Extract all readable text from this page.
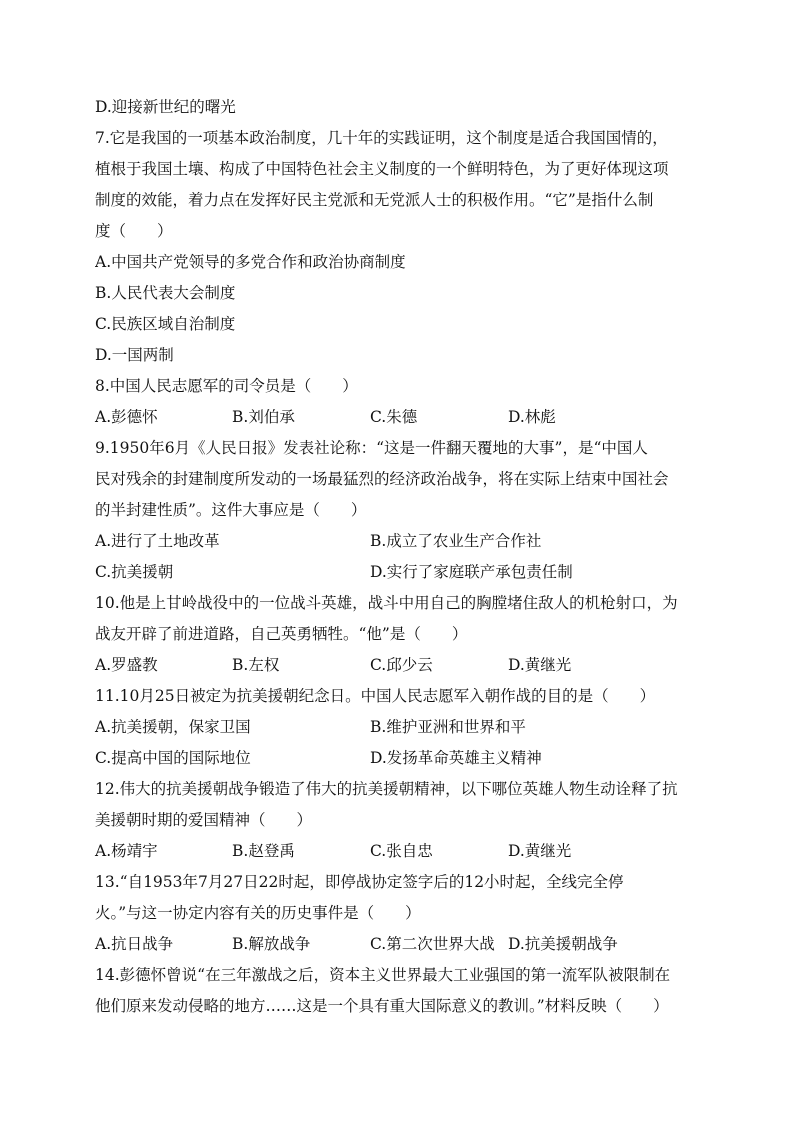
D.迎接新世纪的曙光
7.它是我国的一项基本政治制度，几十年的实践证明，这个制度是适合我国国情的，
植根于我国土壤、构成了中国特色社会主义制度的一个鲜明特色，为了更好体现这项
制度的效能，着力点在发挥好民主党派和无党派人士的积极作用。“它”是指什么制
度（　　）
A.中国共产党领导的多党合作和政治协商制度
B.人民代表大会制度
C.民族区域自治制度
D.一国两制
8.中国人民志愿军的司令员是（　　）
A.彭德怀	B.刘伯承	C.朱德	D.林彪
9.1950年6月《人民日报》发表社论称：“这是一件翻天覆地的大事”，是“中国人
民对残余的封建制度所发动的一场最猛烈的经济政治战争，将在实际上结束中国社会
的半封建性质”。这件大事应是（　　）
A.进行了土地改革	B.成立了农业生产合作社
C.抗美援朝	D.实行了家庭联产承包责任制
10.他是上甘岭战役中的一位战斗英雄，战斗中用自己的胸膛堵住敌人的机枪射口，为
战友开辟了前进道路，自己英勇牺牲。“他”是（　　）
A.罗盛教	B.左权	C.邱少云	D.黄继光
11.10月25日被定为抗美援朝纪念日。中国人民志愿军入朝作战的目的是（　　）
A.抗美援朝，保家卫国	B.维护亚洲和世界和平
C.提高中国的国际地位	D.发扬革命英雄主义精神
12.伟大的抗美援朝战争锻造了伟大的抗美援朝精神，以下哪位英雄人物生动诠释了抗
美援朝时期的爱国精神（　　）
A.杨靖宇	B.赵登禹	C.张自忠	D.黄继光
13.“自1953年7月27日22时起，即停战协定签字后的12小时起，全线完全停
火。”与这一协定内容有关的历史事件是（　　）
A.抗日战争	B.解放战争	C.第二次世界大战 D.抗美援朝战争
14.彭德怀曾说“在三年激战之后，资本主义世界最大工业强国的第一流军队被限制在
他们原来发动侵略的地方……这是一个具有重大国际意义的教训。”材料反映（　　）
